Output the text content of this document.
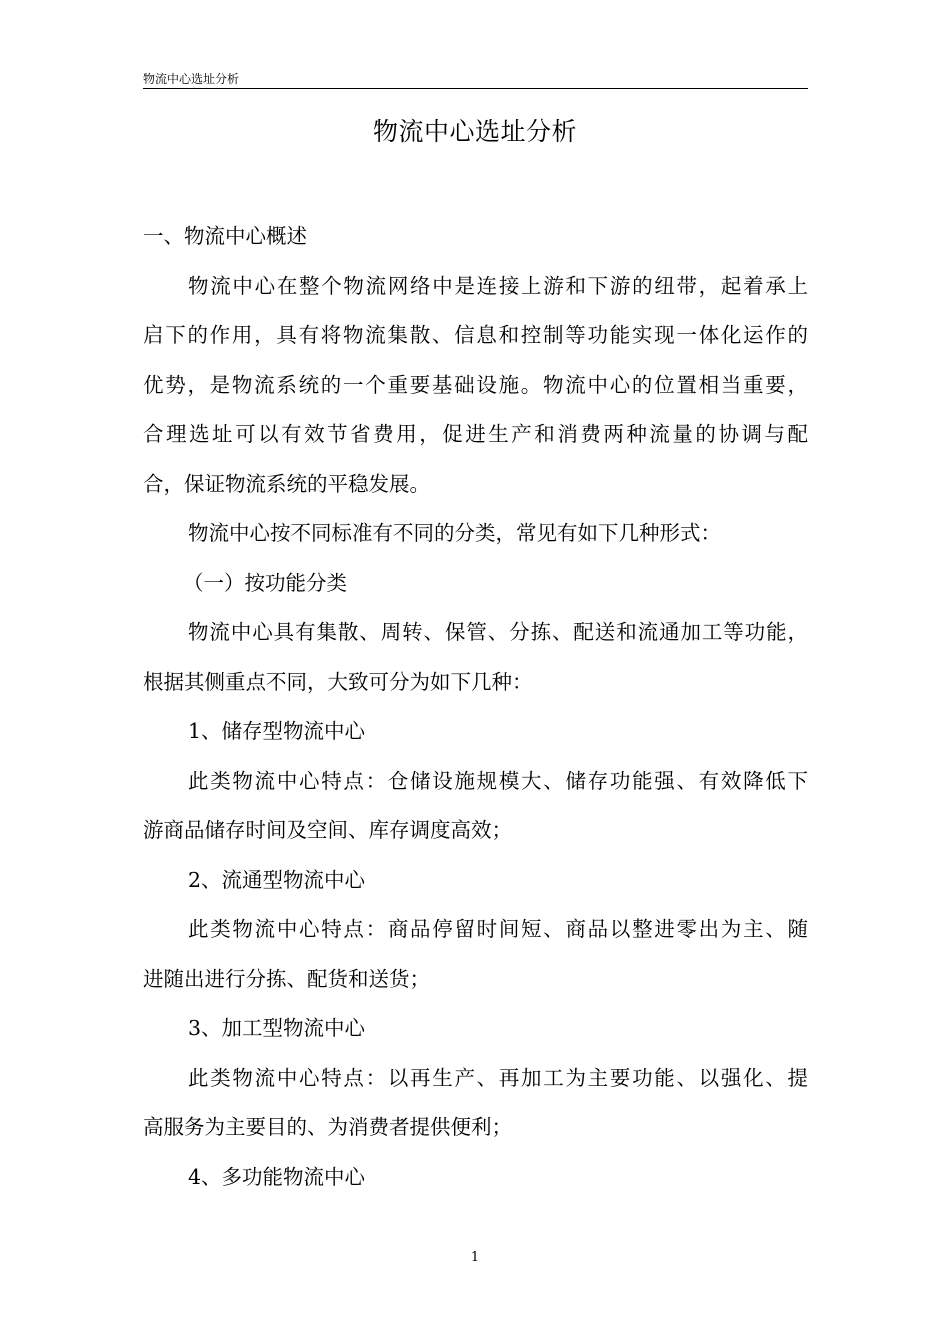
物流中心选址分析
物流中心选址分析
一、物流中心概述
物流中心在整个物流网络中是连接上游和下游的纽带，起着承上
启下的作用，具有将物流集散、信息和控制等功能实现一体化运作的
优势，是物流系统的一个重要基础设施。物流中心的位置相当重要，
合理选址可以有效节省费用，促进生产和消费两种流量的协调与配
合，保证物流系统的平稳发展。
物流中心按不同标准有不同的分类，常见有如下几种形式：
（一）按功能分类
物流中心具有集散、周转、保管、分拣、配送和流通加工等功能，
根据其侧重点不同，大致可分为如下几种：
1、储存型物流中心
此类物流中心特点：仓储设施规模大、储存功能强、有效降低下
游商品储存时间及空间、库存调度高效；
2、流通型物流中心
此类物流中心特点：商品停留时间短、商品以整进零出为主、随
进随出进行分拣、配货和送货；
3、加工型物流中心
此类物流中心特点：以再生产、再加工为主要功能、以强化、提
高服务为主要目的、为消费者提供便利；
4、多功能物流中心
1
